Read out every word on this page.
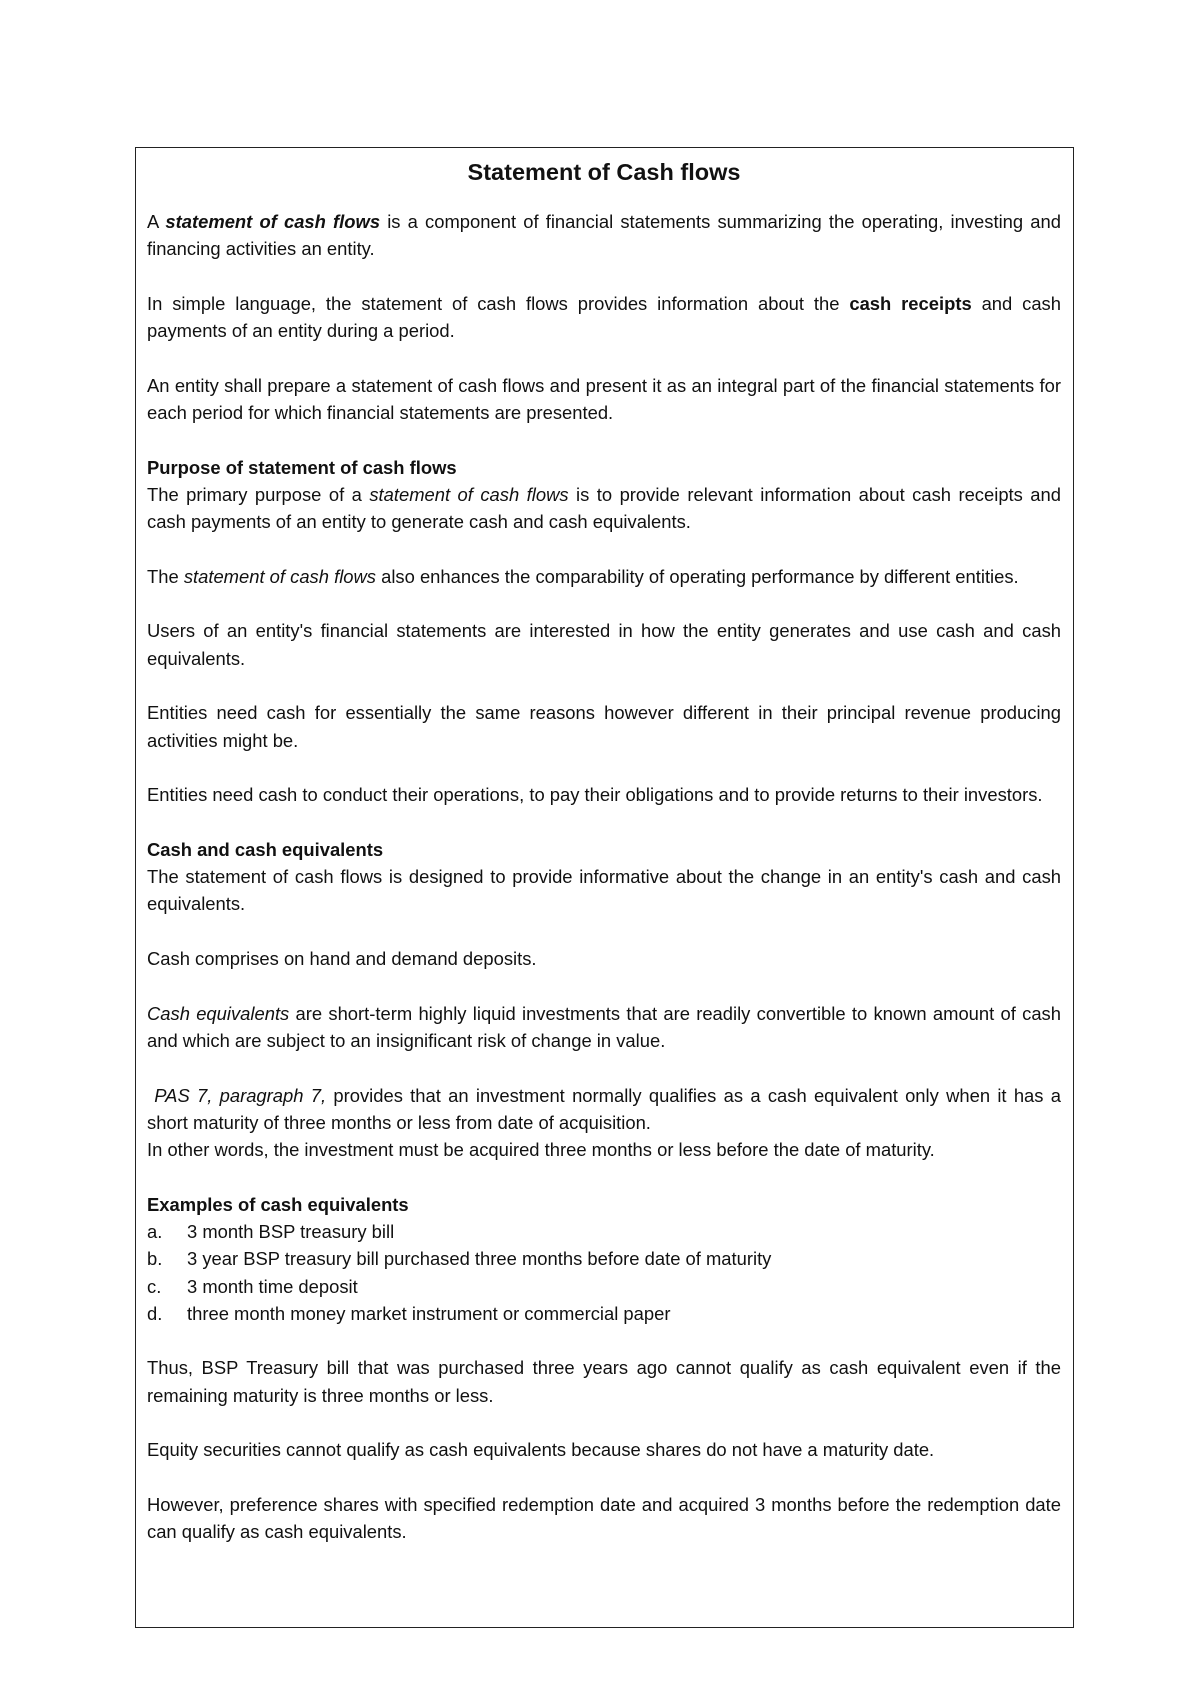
Statement of Cash flows

A statement of cash flows is a component of financial statements summarizing the operating, investing and financing activities an entity.

In simple language, the statement of cash flows provides information about the cash receipts and cash payments of an entity during a period.

An entity shall prepare a statement of cash flows and present it as an integral part of the financial statements for each period for which financial statements are presented.

Purpose of statement of cash flows

The primary purpose of a statement of cash flows is to provide relevant information about cash receipts and cash payments of an entity to generate cash and cash equivalents.

The statement of cash flows also enhances the comparability of operating performance by different entities.

Users of an entity's financial statements are interested in how the entity generates and use cash and cash equivalents.

Entities need cash for essentially the same reasons however different in their principal revenue producing activities might be.

Entities need cash to conduct their operations, to pay their obligations and to provide returns to their investors.

Cash and cash equivalents

The statement of cash flows is designed to provide informative about the change in an entity's cash and cash equivalents.

Cash comprises on hand and demand deposits.

Cash equivalents are short-term highly liquid investments that are readily convertible to known amount of cash and which are subject to an insignificant risk of change in value.

PAS 7, paragraph 7, provides that an investment normally qualifies as a cash equivalent only when it has a short maturity of three months or less from date of acquisition.

In other words, the investment must be acquired three months or less before the date of maturity.

Examples of cash equivalents

a.	3 month BSP treasury bill
b.	3 year BSP treasury bill purchased three months before date of maturity
c.	3 month time deposit
d.	three month money market instrument or commercial paper

Thus, BSP Treasury bill that was purchased three years ago cannot qualify as cash equivalent even if the remaining maturity is three months or less.

Equity securities cannot qualify as cash equivalents because shares do not have a maturity date.

However, preference shares with specified redemption date and acquired 3 months before the redemption date can qualify as cash equivalents.
